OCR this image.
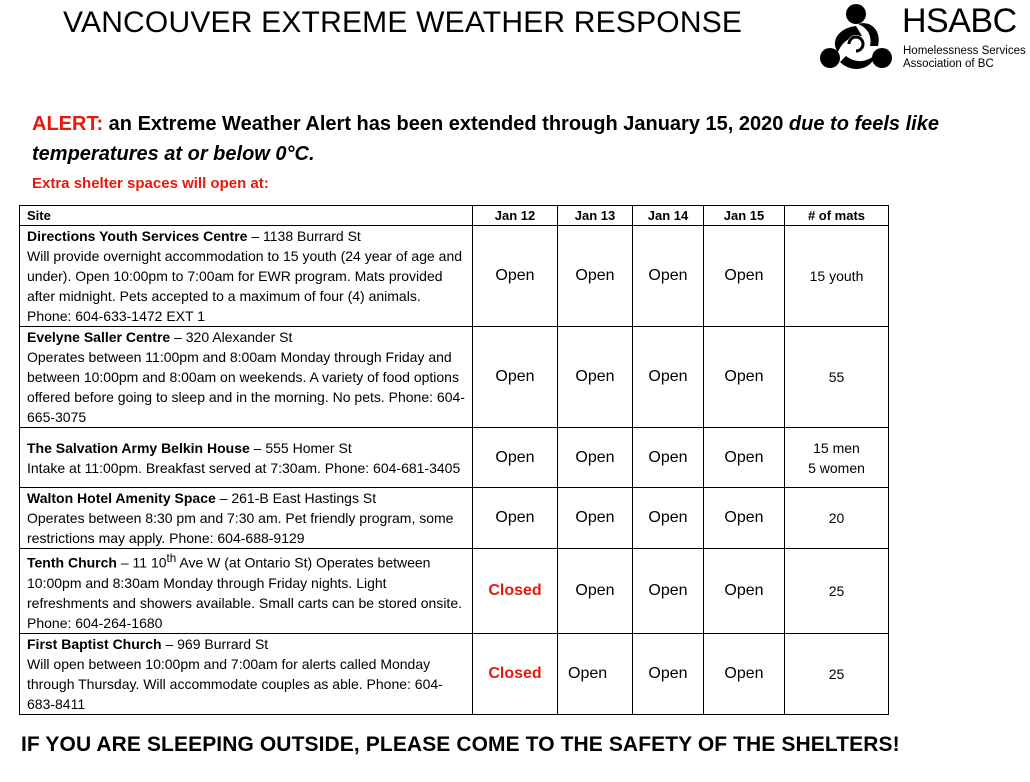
VANCOUVER EXTREME WEATHER RESPONSE	HSABC
Homelessness Services
Association of BC

ALERT: an Extreme Weather Alert has been extended through January 15, 2020 due to feels like temperatures at or below 0°C.

Extra shelter spaces will open at:

Site	Jan 12	Jan 13	Jan 14	Jan 15	# of mats
Directions Youth Services Centre – 1138 Burrard St
Will provide overnight accommodation to 15 youth (24 year of age and under). Open 10:00pm to 7:00am for EWR program. Mats provided after midnight. Pets accepted to a maximum of four (4) animals. Phone: 604-633-1472 EXT 1	Open	Open	Open	Open	15 youth
Evelyne Saller Centre – 320 Alexander St
Operates between 11:00pm and 8:00am Monday through Friday and between 10:00pm and 8:00am on weekends. A variety of food options offered before going to sleep and in the morning. No pets. Phone: 604-665-3075	Open	Open	Open	Open	55
The Salvation Army Belkin House – 555 Homer St
Intake at 11:00pm. Breakfast served at 7:30am. Phone: 604-681-3405	Open	Open	Open	Open	15 men
5 women
Walton Hotel Amenity Space – 261-B East Hastings St
Operates between 8:30 pm and 7:30 am. Pet friendly program, some restrictions may apply. Phone: 604-688-9129	Open	Open	Open	Open	20
Tenth Church – 11 10th Ave W (at Ontario St) Operates between 10:00pm and 8:30am Monday through Friday nights. Light refreshments and showers available. Small carts can be stored onsite. Phone: 604-264-1680	Closed	Open	Open	Open	25
First Baptist Church – 969 Burrard St
Will open between 10:00pm and 7:00am for alerts called Monday through Thursday. Will accommodate couples as able. Phone: 604-683-8411	Closed	Open	Open	Open	25

IF YOU ARE SLEEPING OUTSIDE, PLEASE COME TO THE SAFETY OF THE SHELTERS!
